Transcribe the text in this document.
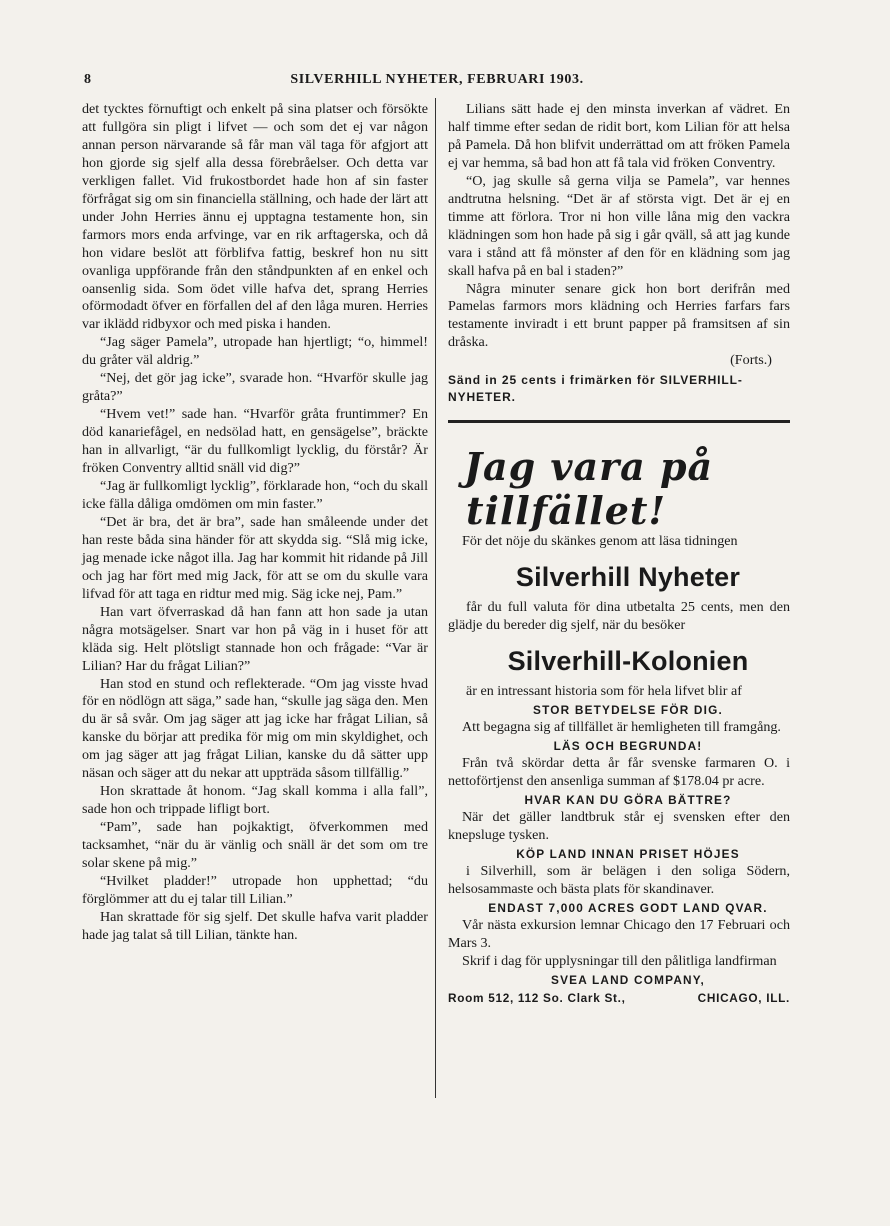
8	SILVERHILL NYHETER, FEBRUARI 1903.

det tycktes förnuftigt och enkelt på sina platser och försökte att fullgöra sin pligt i lifvet — och som det ej var någon annan person närvarande så får man väl taga för afgjort att hon gjorde sig sjelf alla dessa förebråelser. Och detta var verkligen fallet. Vid frukostbordet hade hon af sin faster förfrågat sig om sin financiella ställning, och hade der lärt att under John Herries ännu ej upptagna testamente hon, sin farmors mors enda arfvinge, var en rik arftagerska, och då hon vidare beslöt att förblifva fattig, beskref hon nu sitt ovanliga uppförande från den ståndpunkten af en enkel och oansenlig sida. Som ödet ville hafva det, sprang Herries oförmodadt öfver en förfallen del af den låga muren. Herries var iklädd ridbyxor och med piska i handen.

“Jag säger Pamela”, utropade han hjertligt; “o, himmel! du gråter väl aldrig.”

“Nej, det gör jag icke”, svarade hon. “Hvarför skulle jag gråta?”

“Hvem vet!” sade han. “Hvarför gråta fruntimmer? En död kanariefågel, en nedsölad hatt, en gensägelse”, bräckte han in allvarligt, “är du fullkomligt lycklig, du förstår? Är fröken Conventry alltid snäll vid dig?”

“Jag är fullkomligt lycklig”, förklarade hon, “och du skall icke fälla dåliga omdömen om min faster.”

“Det är bra, det är bra”, sade han småleende under det han reste båda sina händer för att skydda sig. “Slå mig icke, jag menade icke något illa. Jag har kommit hit ridande på Jill och jag har fört med mig Jack, för att se om du skulle vara lifvad för att taga en ridtur med mig. Säg icke nej, Pam.”

Han vart öfverraskad då han fann att hon sade ja utan några motsägelser. Snart var hon på väg in i huset för att kläda sig. Helt plötsligt stannade hon och frågade: “Var är Lilian? Har du frågat Lilian?”

Han stod en stund och reflekterade. “Om jag visste hvad för en nödlögn att säga,” sade han, “skulle jag säga den. Men du är så svår. Om jag säger att jag icke har frågat Lilian, så kanske du börjar att predika för mig om min skyldighet, och om jag säger att jag frågat Lilian, kanske du då sätter upp näsan och säger att du nekar att uppträda såsom tillfällig.”

Hon skrattade åt honom. “Jag skall komma i alla fall”, sade hon och trippade lifligt bort.

“Pam”, sade han pojkaktigt, öfverkommen med tacksamhet, “när du är vänlig och snäll är det som om tre solar skene på mig.”

“Hvilket pladder!” utropade hon upphettad; “du förglömmer att du ej talar till Lilian.”

Han skrattade för sig sjelf. Det skulle hafva varit pladder hade jag talat så till Lilian, tänkte han.

Lilians sätt hade ej den minsta inverkan af vädret. En half timme efter sedan de ridit bort, kom Lilian för att helsa på Pamela. Då hon blifvit underrättad om att fröken Pamela ej var hemma, så bad hon att få tala vid fröken Conventry.

“O, jag skulle så gerna vilja se Pamela”, var hennes andtrutna helsning. “Det är af största vigt. Det är ej en timme att förlora. Tror ni hon ville låna mig den vackra klädningen som hon hade på sig i går qväll, så att jag kunde vara i stånd att få mönster af den för en klädning som jag skall hafva på en bal i staden?”

Några minuter senare gick hon bort derifrån med Pamelas farmors mors klädning och Herries farfars fars testamente inviradt i ett brunt papper på framsitsen af sin dråska.

(Forts.)

Sänd in 25 cents i frimärken för SILVERHILL-NYHETER.
Jag vara på
tillfället!

För det nöje du skänkes genom att läsa tidningen

Silverhill Nyheter

får du full valuta för dina utbetalta 25 cents, men den glädje du bereder dig sjelf, när du besöker

Silverhill-Kolonien

är en intressant historia som för hela lifvet blir af

STOR BETYDELSE FÖR DIG.

Att begagna sig af tillfället är hemligheten till framgång.

LÄS OCH BEGRUNDA!

Från två skördar detta år får svenske farmaren O. i nettoförtjenst den ansenliga summan af $178.04 pr acre.

HVAR KAN DU GÖRA BÄTTRE?

När det gäller landtbruk står ej svensken efter den knepsluge tysken.

KÖP LAND INNAN PRISET HÖJES

i Silverhill, som är belägen i den soliga Södern, helsosammaste och bästa plats för skandinaver.

ENDAST 7,000 ACRES GODT LAND QVAR.

Vår nästa exkursion lemnar Chicago den 17 Februari och Mars 3.

Skrif i dag för upplysningar till den pålitliga landfirman

SVEA LAND COMPANY,

Room 512, 112 So. Clark St.,	CHICAGO, ILL.
